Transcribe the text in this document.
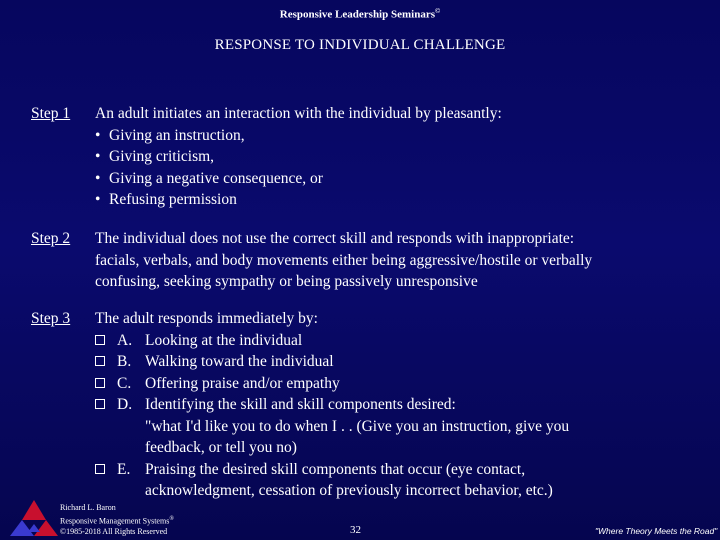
Responsive Leadership Seminars©
RESPONSE TO INDIVIDUAL CHALLENGE
Step 1	An adult initiates an interaction with the individual by pleasantly:
• Giving an instruction,
• Giving criticism,
• Giving a negative consequence, or
• Refusing permission
Step 2	The individual does not use the correct skill and responds with inappropriate:
facials, verbals, and body movements either being aggressive/hostile or verbally
confusing, seeking sympathy or being passively unresponsive
Step 3	The adult responds immediately by:
A. Looking at the individual
B. Walking toward the individual
C. Offering praise and/or empathy
D. Identifying the skill and skill components desired:
"what I'd like you to do when I . . (Give you an instruction, give you
feedback, or tell you no)
E. Praising the desired skill components that occur (eye contact,
acknowledgment, cessation of previously incorrect behavior, etc.)
Richard L. Baron
Responsive Management Systems®
©1985-2018 All Rights Reserved	32	"Where Theory Meets the Road"
